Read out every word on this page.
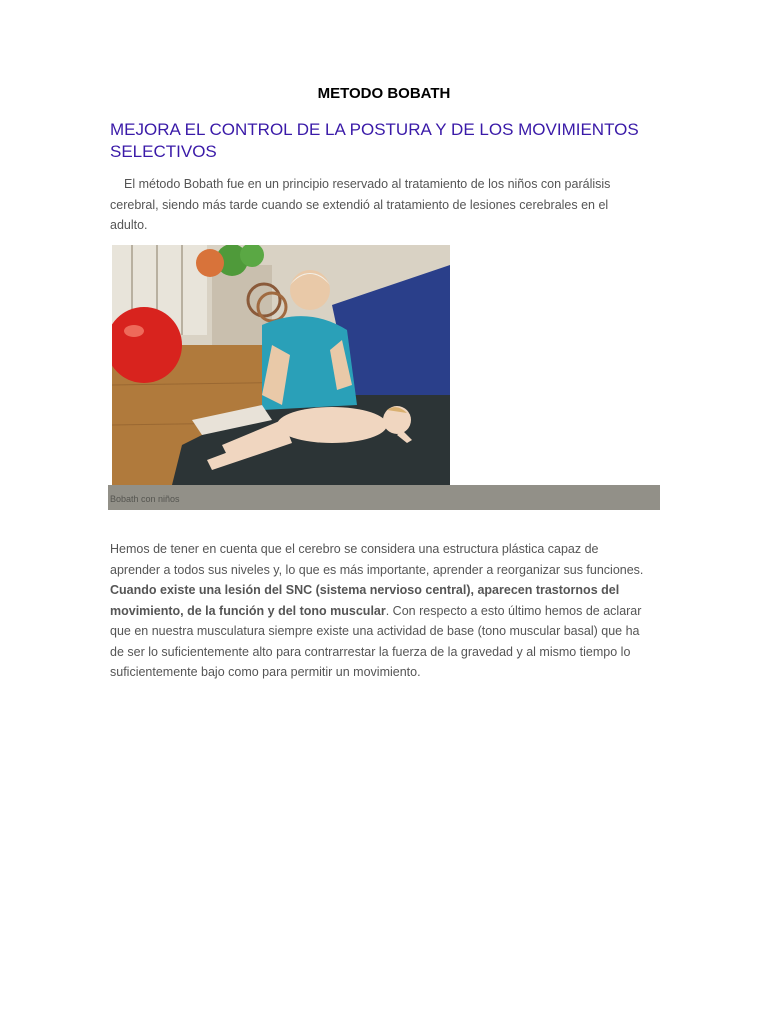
METODO BOBATH
MEJORA EL CONTROL DE LA POSTURA Y DE LOS MOVIMIENTOS SELECTIVOS

El método Bobath fue en un principio reservado al tratamiento de los niños con parálisis cerebral, siendo más tarde cuando se extendió al tratamiento de lesiones cerebrales en el adulto.

Bobath con niños

Hemos de tener en cuenta que el cerebro se considera una estructura plástica capaz de aprender a todos sus niveles y, lo que es más importante, aprender a reorganizar sus funciones. Cuando existe una lesión del SNC (sistema nervioso central), aparecen trastornos del movimiento, de la función y del tono muscular. Con respecto a esto último hemos de aclarar que en nuestra musculatura siempre existe una actividad de base (tono muscular basal) que ha de ser lo suficientemente alto para contrarrestar la fuerza de la gravedad y al mismo tiempo lo suficientemente bajo como para permitir un movimiento.
